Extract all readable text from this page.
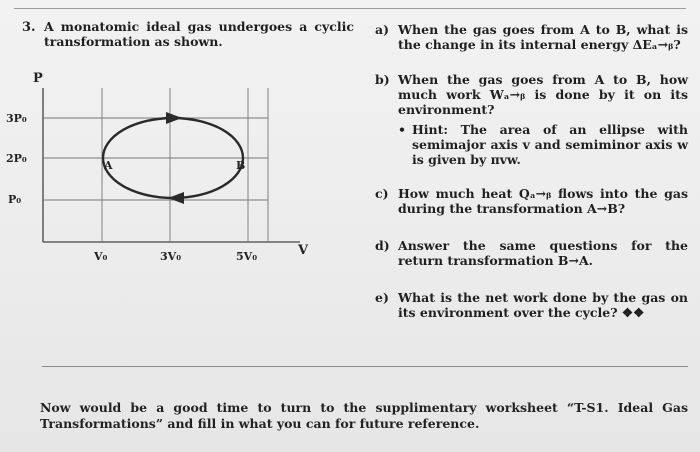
3. A monatomic ideal gas undergoes a cyclic transformation as shown.
P
V
3P₀
2P₀
P₀
V₀	3V₀	5V₀
A	B
a) When the gas goes from A to B, what is the change in its internal energy ΔEₐ→ᵦ?
b) When the gas goes from A to B, how much work Wₐ→ᵦ is done by it on its environment?
• Hint: The area of an ellipse with semimajor axis v and semiminor axis w is given by πvw.
c) How much heat Qₐ→ᵦ flows into the gas during the transformation A→B?
d) Answer the same questions for the return transformation B→A.
e) What is the net work done by the gas on its environment over the cycle? ❖❖
Now would be a good time to turn to the supplimentary worksheet “T-S1. Ideal Gas Transformations” and fill in what you can for future reference.
